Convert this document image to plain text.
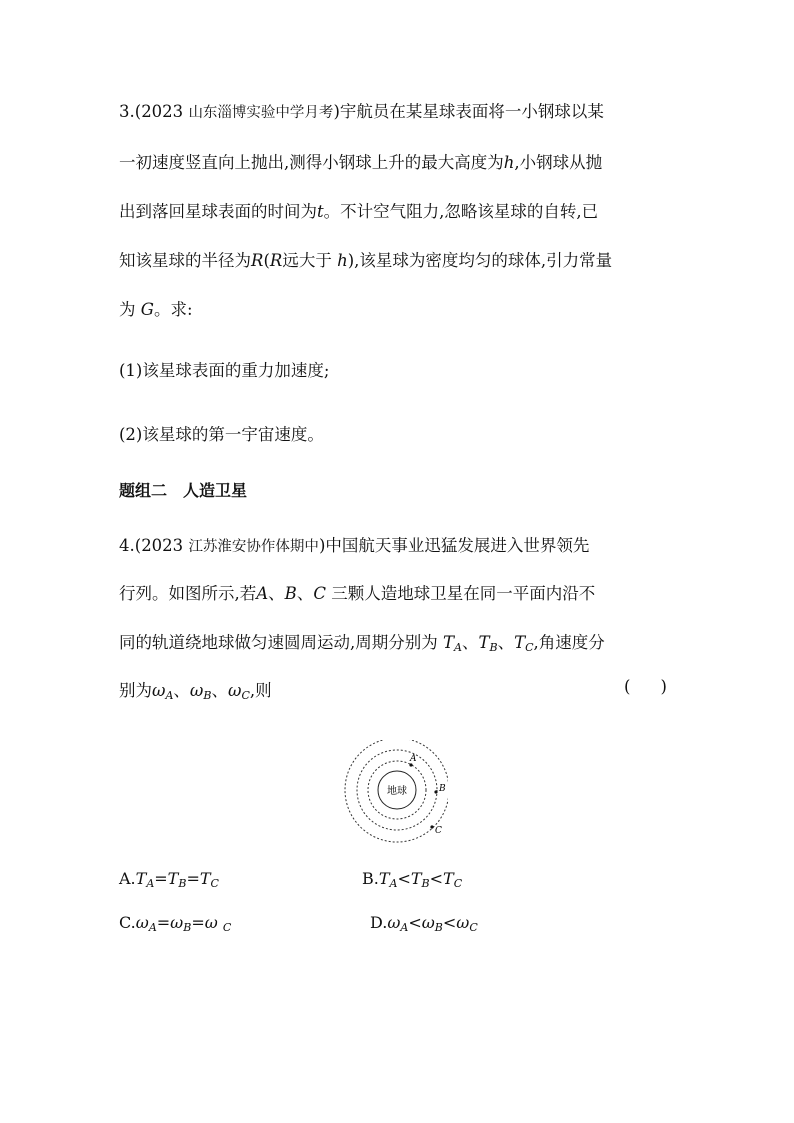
3.(2023 山东淄博实验中学月考)宇航员在某星球表面将一小钢球以某
一初速度竖直向上抛出,测得小钢球上升的最大高度为h,小钢球从抛
出到落回星球表面的时间为t。不计空气阻力,忽略该星球的自转,已
知该星球的半径为R(R远大于 h),该星球为密度均匀的球体,引力常量
为 G。求:
(1)该星球表面的重力加速度;
(2)该星球的第一宇宙速度。
题组二　人造卫星
4.(2023 江苏淮安协作体期中)中国航天事业迅猛发展进入世界领先
行列。如图所示,若A、B、C 三颗人造地球卫星在同一平面内沿不
同的轨道绕地球做匀速圆周运动,周期分别为 $T_A$、$T_B$、$T_C$,角速度分
别为$\omega_A$、$\omega_B$、$\omega_C$,则	( )
地球
A
B
C
$A.T_A=T_B=T_C$	$B.T_A<T_B<T_C$
$C.\omega_A=\omega_B=\omega$ $_C$	$D.\omega_A<\omega_B<\omega_C$
